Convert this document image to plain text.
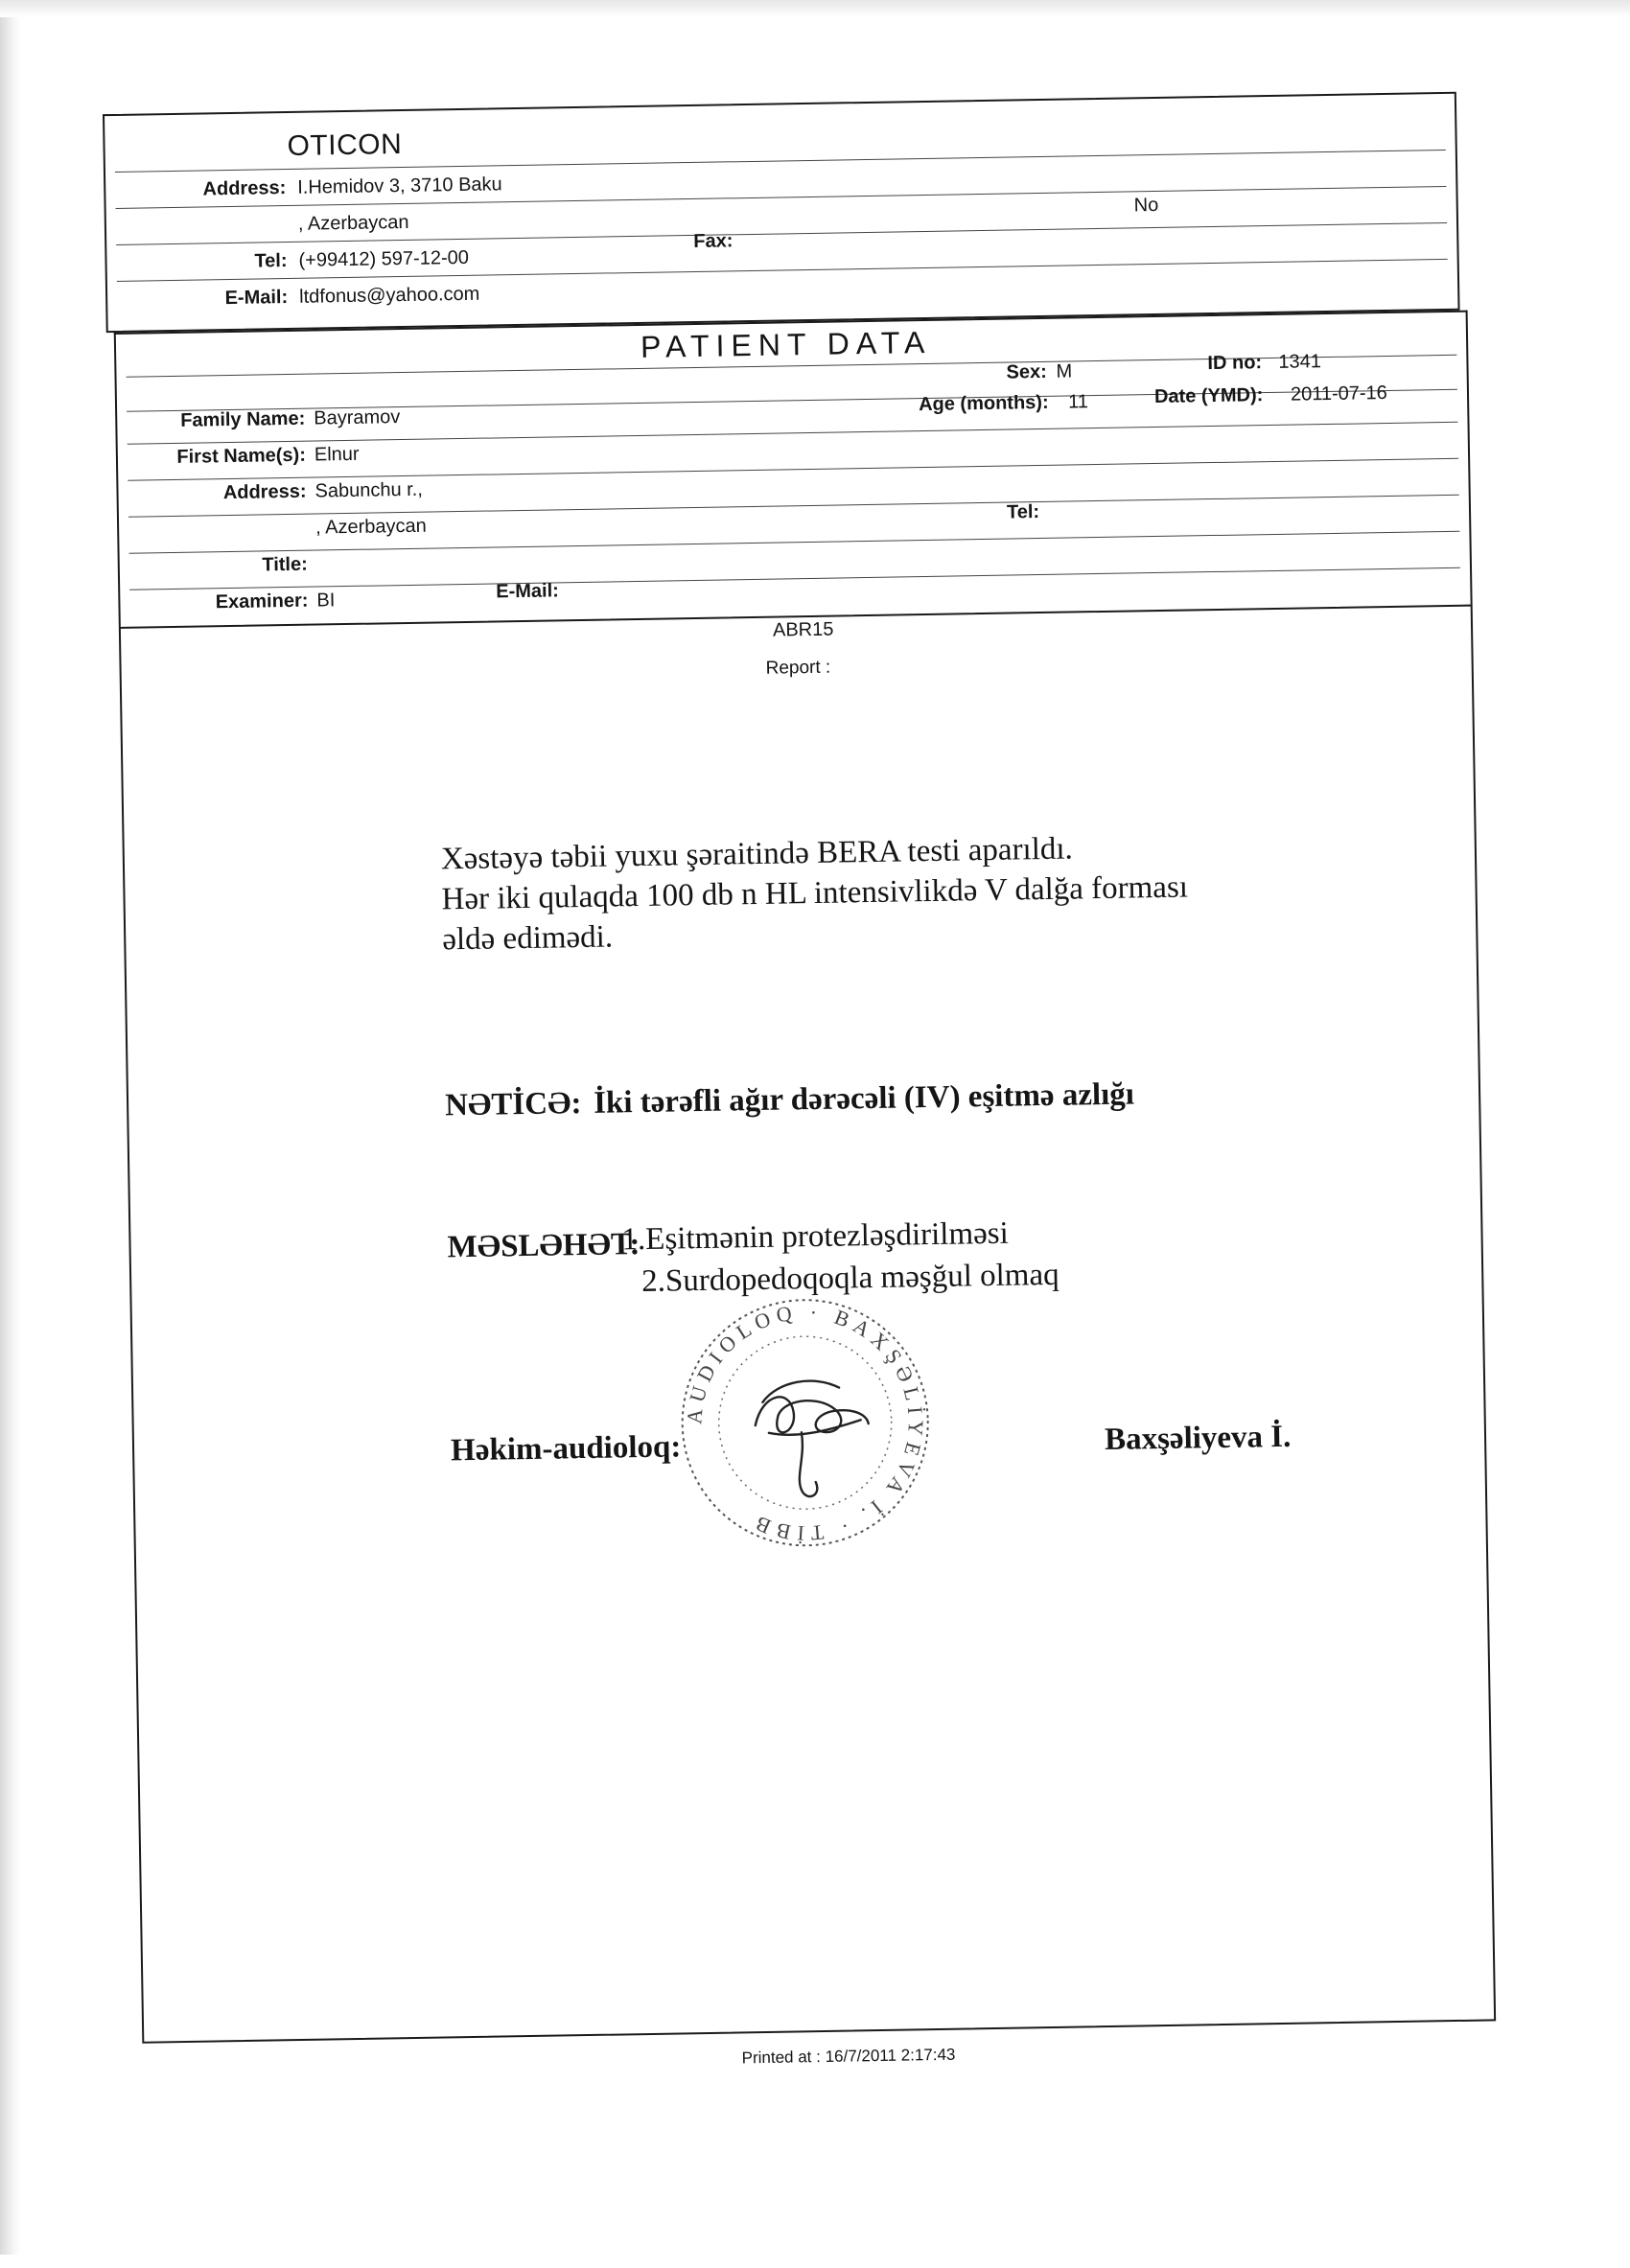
OTICON
Address: I.Hemidov 3, 3710 Baku
, Azerbaycan
No
Tel: (+99412) 597-12-00
Fax:
E-Mail: ltdfonus@yahoo.com
PATIENT DATA
Sex: M	ID no: 1341
Family Name: Bayramov
Age (months): 11	Date (YMD): 2011-07-16
First Name(s): Elnur
Address: Sabunchu r.,
, Azerbaycan
Tel:
Title:
Examiner: BI	E-Mail:
ABR15
Report :
Xəstəyə təbii yuxu şəraitində BERA testi aparıldı.
Hər iki qulaqda 100 db n HL intensivlikdə V dalğa forması
əldə edimədi.
NƏTİCƏ: İki tərəfli ağır dərəcəli (IV) eşitmə azlığı
MƏSLƏHƏT:
1.Eşitmənin protezləşdirilməsi
2.Surdopedoqoqla məşğul olmaq
Həkim-audioloq:	Baxşəliyeva İ.
AUDIOLOQ · BAXŞƏLİYEVA İ. · TİBB
Printed at : 16/7/2011 2:17:43
